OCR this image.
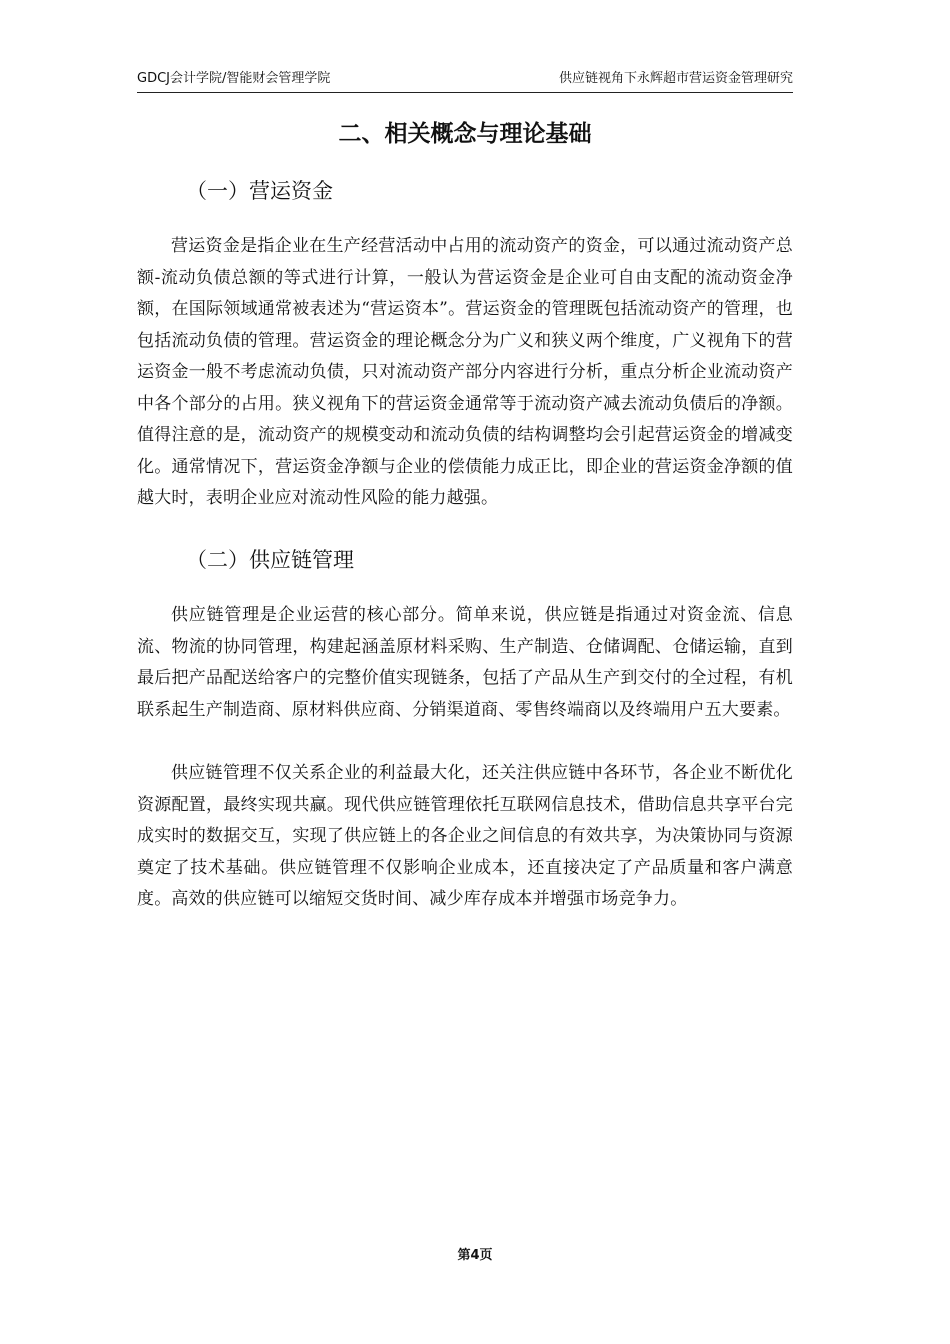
GDCJ会计学院/智能财会管理学院	供应链视角下永辉超市营运资金管理研究
二、相关概念与理论基础
（一）营运资金

营运资金是指企业在生产经营活动中占用的流动资产的资金，可以通过流动资产总额-流动负债总额的等式进行计算，一般认为营运资金是企业可自由支配的流动资金净额，在国际领域通常被表述为“营运资本”。营运资金的管理既包括流动资产的管理，也包括流动负债的管理。营运资金的理论概念分为广义和狭义两个维度，广义视角下的营运资金一般不考虑流动负债，只对流动资产部分内容进行分析，重点分析企业流动资产中各个部分的占用。狭义视角下的营运资金通常等于流动资产减去流动负债后的净额。值得注意的是，流动资产的规模变动和流动负债的结构调整均会引起营运资金的增减变化。通常情况下，营运资金净额与企业的偿债能力成正比，即企业的营运资金净额的值越大时，表明企业应对流动性风险的能力越强。

（二）供应链管理

供应链管理是企业运营的核心部分。简单来说，供应链是指通过对资金流、信息流、物流的协同管理，构建起涵盖原材料采购、生产制造、仓储调配、仓储运输，直到最后把产品配送给客户的完整价值实现链条，包括了产品从生产到交付的全过程，有机联系起生产制造商、原材料供应商、分销渠道商、零售终端商以及终端用户五大要素。

供应链管理不仅关系企业的利益最大化，还关注供应链中各环节，各企业不断优化资源配置，最终实现共赢。现代供应链管理依托互联网信息技术，借助信息共享平台完成实时的数据交互，实现了供应链上的各企业之间信息的有效共享，为决策协同与资源奠定了技术基础。供应链管理不仅影响企业成本，还直接决定了产品质量和客户满意度。高效的供应链可以缩短交货时间、减少库存成本并增强市场竞争力。

第4页
